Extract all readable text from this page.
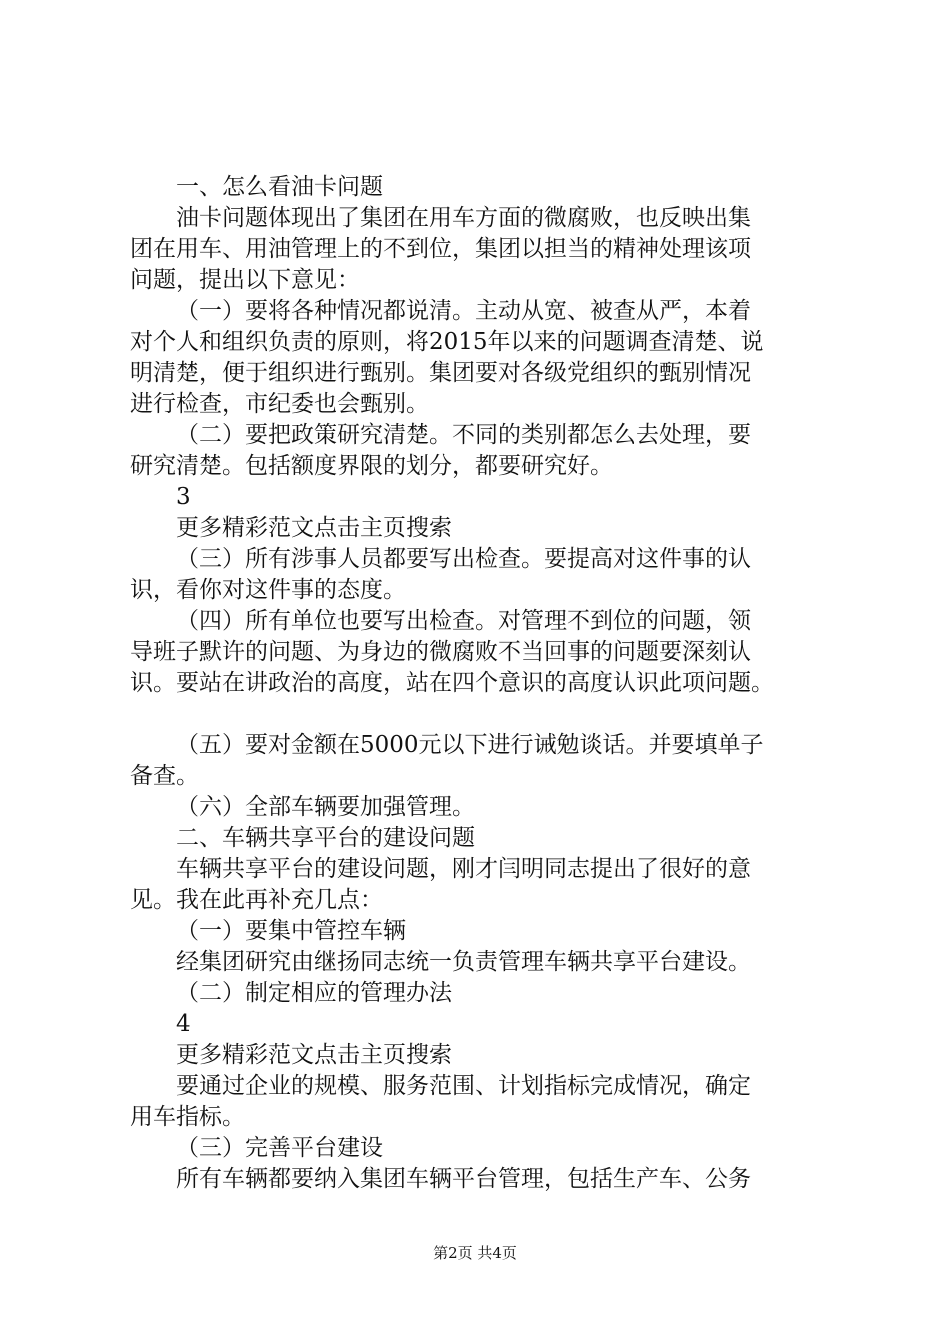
一、怎么看油卡问题
油卡问题体现出了集团在用车方面的微腐败，也反映出集
团在用车、用油管理上的不到位，集团以担当的精神处理该项
问题，提出以下意见：
（一）要将各种情况都说清。主动从宽、被查从严，本着
对个人和组织负责的原则，将2015年以来的问题调查清楚、说
明清楚，便于组织进行甄别。集团要对各级党组织的甄别情况
进行检查，市纪委也会甄别。
（二）要把政策研究清楚。不同的类别都怎么去处理，要
研究清楚。包括额度界限的划分，都要研究好。
3
更多精彩范文点击主页搜索
（三）所有涉事人员都要写出检查。要提高对这件事的认
识，看你对这件事的态度。
（四）所有单位也要写出检查。对管理不到位的问题，领
导班子默许的问题、为身边的微腐败不当回事的问题要深刻认
识。要站在讲政治的高度，站在四个意识的高度认识此项问题。
（五）要对金额在5000元以下进行诫勉谈话。并要填单子
备查。
（六）全部车辆要加强管理。
二、车辆共享平台的建设问题
车辆共享平台的建设问题，刚才闫明同志提出了很好的意
见。我在此再补充几点：
（一）要集中管控车辆
经集团研究由继扬同志统一负责管理车辆共享平台建设。
（二）制定相应的管理办法
4
更多精彩范文点击主页搜索
要通过企业的规模、服务范围、计划指标完成情况，确定
用车指标。
（三）完善平台建设
所有车辆都要纳入集团车辆平台管理，包括生产车、公务
第2页 共4页
